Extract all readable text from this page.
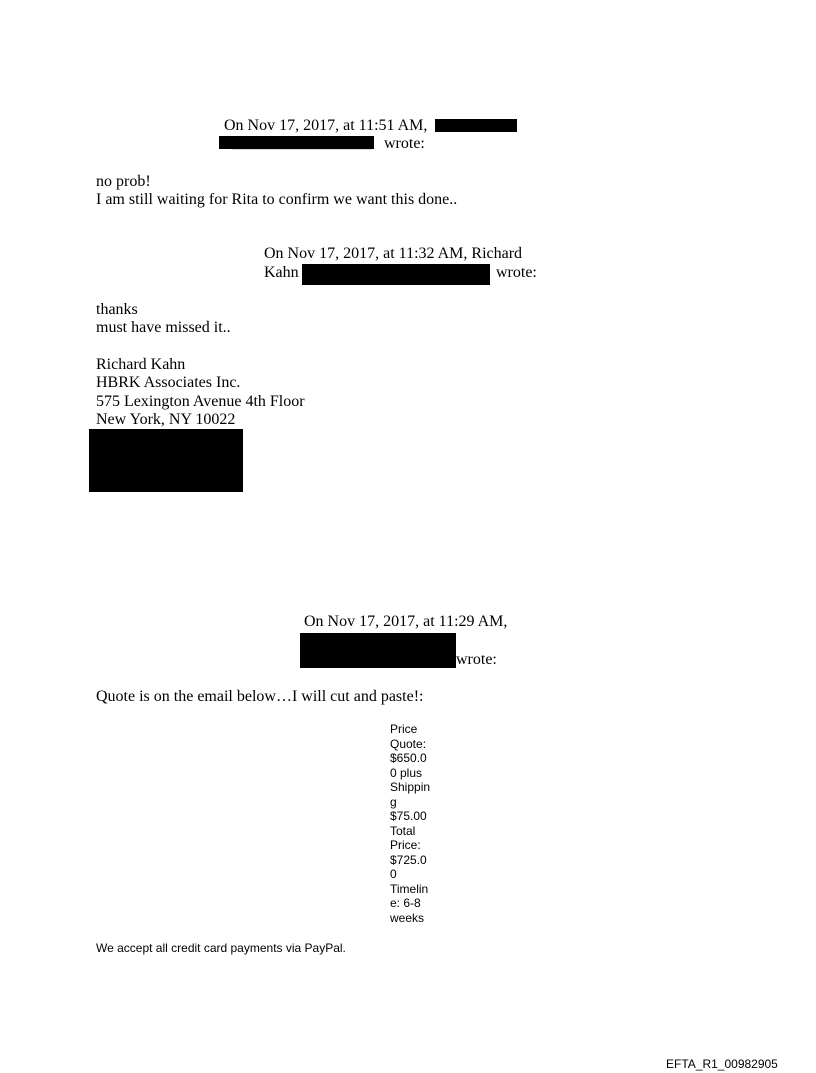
On Nov 17, 2017, at 11:51 AM,
wrote:
no prob!
I am still waiting for Rita to confirm we want this done..
On Nov 17, 2017, at 11:32 AM, Richard
Kahn	wrote:
thanks
must have missed it..
Richard Kahn
HBRK Associates Inc.
575 Lexington Avenue 4th Floor
New York, NY 10022
On Nov 17, 2017, at 11:29 AM,
wrote:
Quote is on the email below…I will cut and paste!:
Price
Quote:
$650.0
0 plus
Shippin
g
$75.00
Total
Price:
$725.0
0
Timelin
e: 6-8
weeks
We accept all credit card payments via PayPal.
EFTA_R1_00982905
